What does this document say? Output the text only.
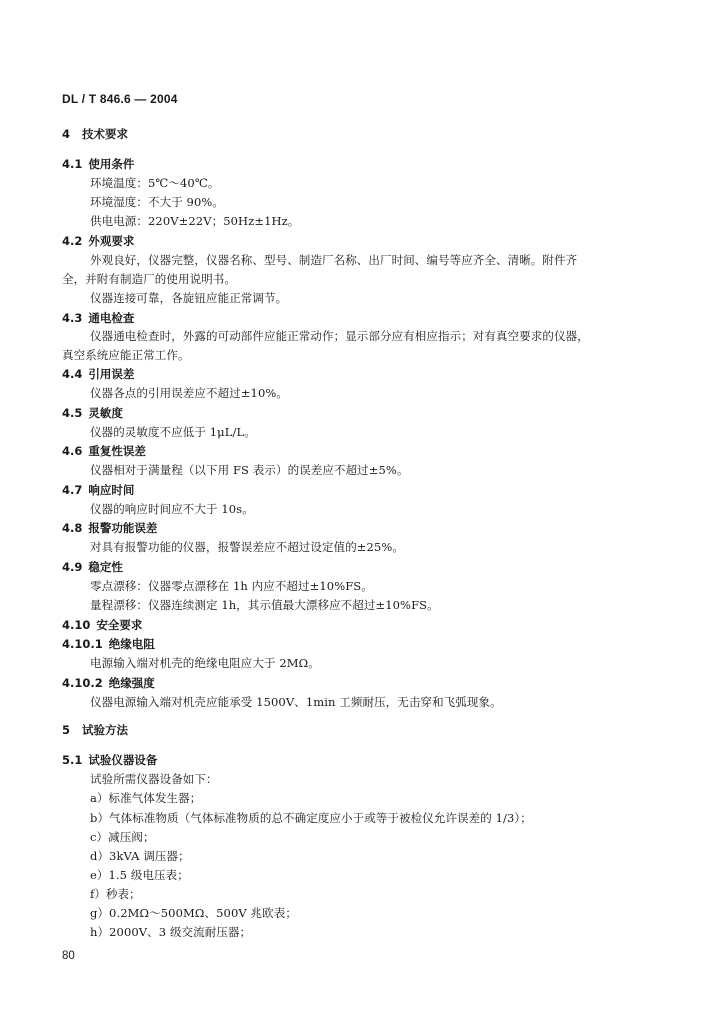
DL / T 846.6 — 2004
4 技术要求
4.1 使用条件
环境温度：5℃～40℃。
环境湿度：不大于 90%。
供电电源：220V±22V；50Hz±1Hz。
4.2 外观要求
外观良好，仪器完整，仪器名称、型号、制造厂名称、出厂时间、编号等应齐全、清晰。附件齐
全，并附有制造厂的使用说明书。
仪器连接可靠，各旋钮应能正常调节。
4.3 通电检查
仪器通电检查时，外露的可动部件应能正常动作；显示部分应有相应指示；对有真空要求的仪器，
真空系统应能正常工作。
4.4 引用误差
仪器各点的引用误差应不超过±10%。
4.5 灵敏度
仪器的灵敏度不应低于 1μL/L。
4.6 重复性误差
仪器相对于满量程（以下用 FS 表示）的误差应不超过±5%。
4.7 响应时间
仪器的响应时间应不大于 10s。
4.8 报警功能误差
对具有报警功能的仪器，报警误差应不超过设定值的±25%。
4.9 稳定性
零点漂移：仪器零点漂移在 1h 内应不超过±10%FS。
量程漂移：仪器连续测定 1h，其示值最大漂移应不超过±10%FS。
4.10 安全要求
4.10.1 绝缘电阻
电源输入端对机壳的绝缘电阻应大于 2MΩ。
4.10.2 绝缘强度
仪器电源输入端对机壳应能承受 1500V、1min 工频耐压，无击穿和飞弧现象。
5 试验方法
5.1 试验仪器设备
试验所需仪器设备如下：
a）标准气体发生器；
b）气体标准物质（气体标准物质的总不确定度应小于或等于被检仪允许误差的 1/3）；
c）减压阀；
d）3kVA 调压器；
e）1.5 级电压表；
f）秒表；
g）0.2MΩ～500MΩ、500V 兆欧表；
h）2000V、3 级交流耐压器；
80
